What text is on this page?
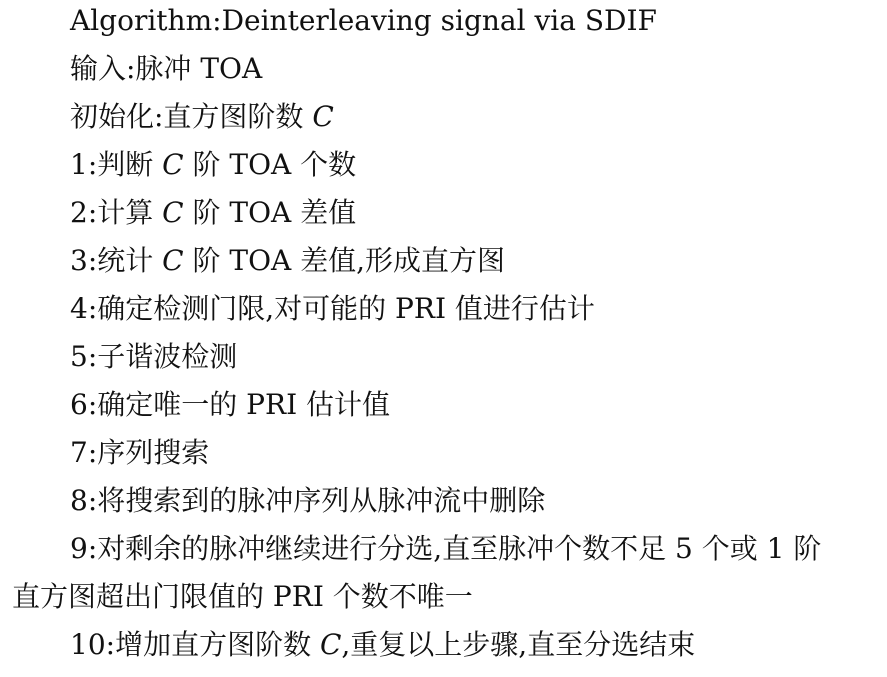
Algorithm:Deinterleaving signal via SDIF
输入:脉冲 TOA
初始化:直方图阶数 C
1:判断 C 阶 TOA 个数
2:计算 C 阶 TOA 差值
3:统计 C 阶 TOA 差值,形成直方图
4:确定检测门限,对可能的 PRI 值进行估计
5:子谐波检测
6:确定唯一的 PRI 估计值
7:序列搜索
8:将搜索到的脉冲序列从脉冲流中删除
9:对剩余的脉冲继续进行分选,直至脉冲个数不足 5 个或 1 阶
直方图超出门限值的 PRI 个数不唯一
10:增加直方图阶数 C,重复以上步骤,直至分选结束
